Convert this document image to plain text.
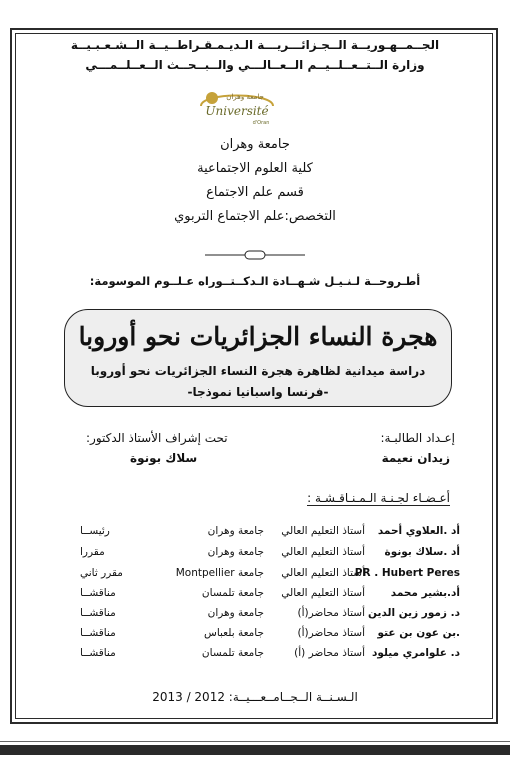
الجــمــهـوريــة الــجـزائـــريـــة الـديـمـقـراطــيــة الــشـعـبـيــة
وزارة الــتــعــلــيــم الــعــالـــي والــبــحــث الــعــلــمـــي
جامعة وهران
Université
d'Oran
جامعة وهران
كلية العلوم الاجتماعية
قسم علم الاجتماع
التخصص:علم الاجتماع التربوي
أطـروحــة لـنـيـل شـهــادة الـدكــتــوراه عـلــوم الموسومة:
هجرة النساء الجزائريات نحو أوروبا
دراسة ميدانية لظاهرة هجرة النساء الجزائريات نحو أوروبا
-فرنسا واسبانيا نموذجا-
إعـداد الطالبـة:
زيدان نعيمة
تحت إشراف الأستاذ الدكتور:
سلاك بونوة
أعـضـاء لجـنـة الـمـنـاقـشـة :
أد .العلاوي أحمد
أستاذ التعليم العالي
جامعة وهران
رئيســا
أد .سلاك بونوة
أستاذ التعليم العالي
جامعة وهران
مقررا
PR . Hubert Peres
أستاذ التعليم العالي
جامعة Montpellier
مقرر ثاني
أد.بشير محمد
أستاذ التعليم العالي
جامعة تلمسان
مناقشــا
د. زمور زين الدين
أستاذ محاضر(أ)
جامعة وهران
مناقشــا
.بن عون بن عتو
أستاذ محاضر(أ)
جامعة بلعباس
مناقشــا
د. علوامري ميلود
أستاذ محاضر (أ)
جامعة تلمسان
مناقشــا
الـسـنــة الــجــامــعـــيــة: 2012 / 2013
